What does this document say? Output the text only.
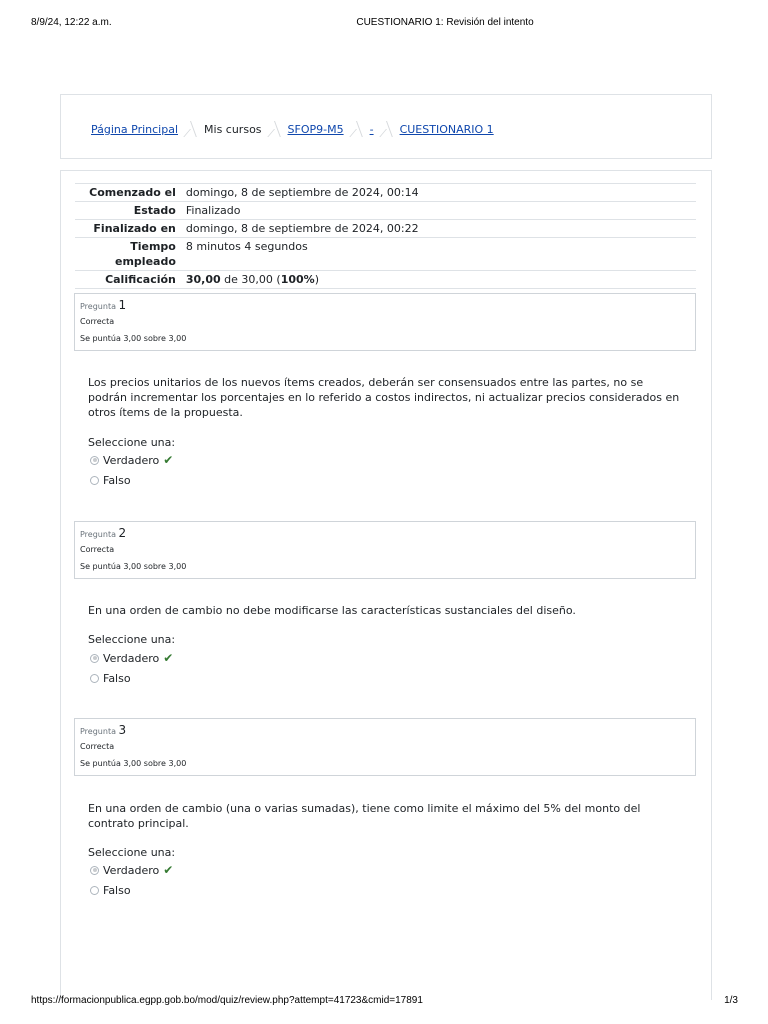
8/9/24, 12:22 a.m.	CUESTIONARIO 1: Revisión del intento
Página Principal Mis cursos SFOP9-M5 - CUESTIONARIO 1
Comenzado el	domingo, 8 de septiembre de 2024, 00:14
Estado	Finalizado
Finalizado en	domingo, 8 de septiembre de 2024, 00:22
Tiempo empleado	8 minutos 4 segundos
Calificación	30,00 de 30,00 (100%)
Pregunta 1
Correcta
Se puntúa 3,00 sobre 3,00
Los precios unitarios de los nuevos ítems creados, deberán ser consensuados entre las partes, no se podrán incrementar los porcentajes en lo referido a costos indirectos, ni actualizar precios considerados en otros ítems de la propuesta.
Seleccione una:
Verdadero ✔
Falso
Pregunta 2
Correcta
Se puntúa 3,00 sobre 3,00
En una orden de cambio no debe modificarse las características sustanciales del diseño.
Seleccione una:
Verdadero ✔
Falso
Pregunta 3
Correcta
Se puntúa 3,00 sobre 3,00
En una orden de cambio (una o varias sumadas), tiene como limite el máximo del 5% del monto del contrato principal.
Seleccione una:
Verdadero ✔
Falso
https://formacionpublica.egpp.gob.bo/mod/quiz/review.php?attempt=41723&cmid=17891	1/3
